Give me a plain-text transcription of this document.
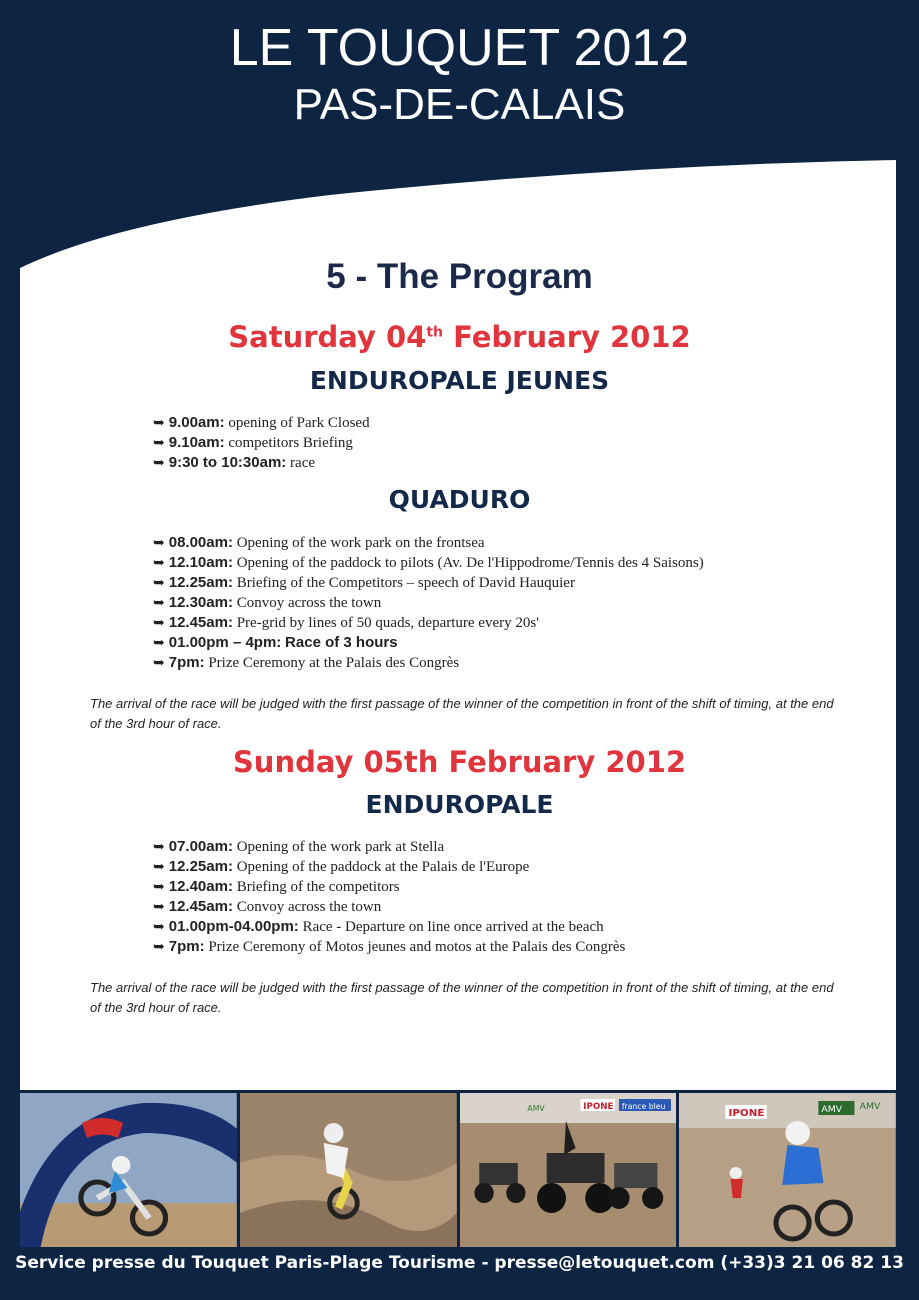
LE TOUQUET 2012
PAS-DE-CALAIS
5 - The Program
Saturday 04th February 2012
ENDUROPALE JEUNES
➥ 9.00am: opening of Park Closed
➥ 9.10am: competitors Briefing
➥ 9:30 to 10:30am: race
QUADURO
➥ 08.00am: Opening of the work park on the frontsea
➥ 12.10am: Opening of the paddock to pilots (Av. De l'Hippodrome/Tennis des 4 Saisons)
➥ 12.25am: Briefing of the Competitors – speech of David Hauquier
➥ 12.30am: Convoy across the town
➥ 12.45am: Pre-grid by lines of 50 quads, departure every 20s'
➥ 01.00pm – 4pm: Race of 3 hours
➥ 7pm: Prize Ceremony at the Palais des Congrès
The arrival of the race will be judged with the first passage of the winner of the competition in front of the shift of timing, at the end of the 3rd hour of race.
Sunday 05th February 2012
ENDUROPALE
➥ 07.00am: Opening of the work park at Stella
➥ 12.25am: Opening of the paddock at the Palais de l'Europe
➥ 12.40am: Briefing of the competitors
➥ 12.45am: Convoy across the town
➥ 01.00pm-04.00pm: Race - Departure on line once arrived at the beach
➥ 7pm: Prize Ceremony of Motos jeunes and motos at the Palais des Congrès
The arrival of the race will be judged with the first passage of the winner of the competition in front of the shift of timing, at the end of the 3rd hour of race.
IPONE france bleu
AMV	IPONE	AMV AMV
Service presse du Touquet Paris-Plage Tourisme - presse@letouquet.com (+33)3 21 06 82 13
